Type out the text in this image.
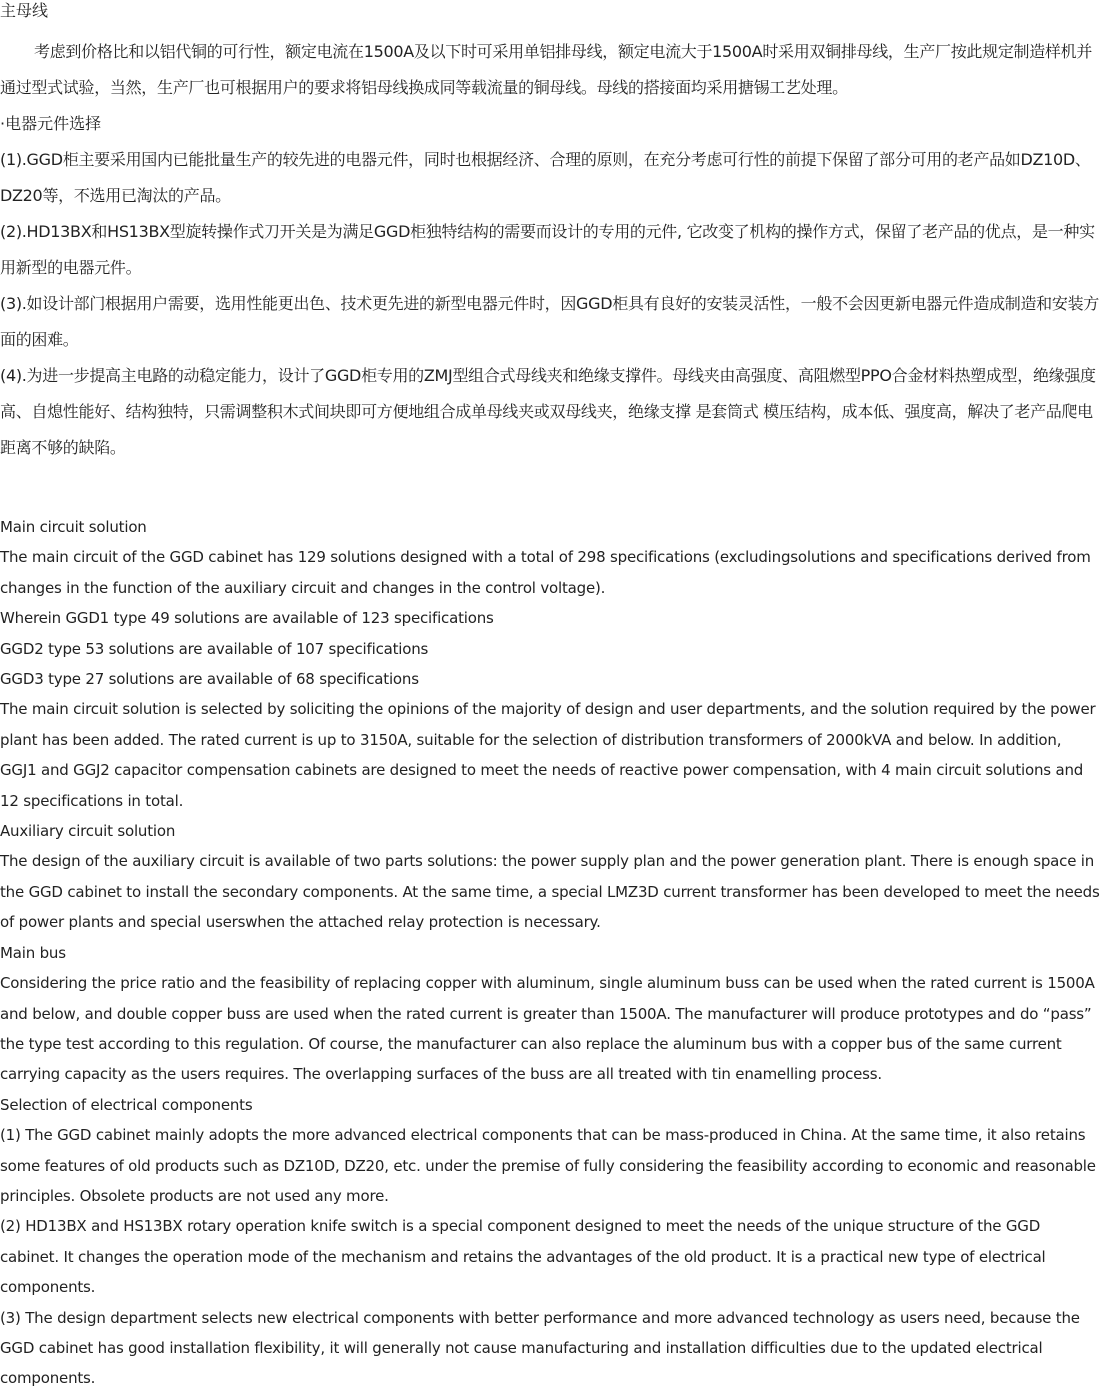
主母线

考虑到价格比和以铝代铜的可行性，额定电流在1500A及以下时可采用单铝排母线，额定电流大于1500A时采用双铜排母线，生产厂按此规定制造样机并通过型式试验，当然，生产厂也可根据用户的要求将铝母线换成同等载流量的铜母线。母线的搭接面均采用搪锡工艺处理。

·电器元件选择

(1).GGD柜主要采用国内已能批量生产的较先进的电器元件，同时也根据经济、合理的原则，在充分考虑可行性的前提下保留了部分可用的老产品如DZ10D、DZ20等，不选用已淘汰的产品。

(2).HD13BX和HS13BX型旋转操作式刀开关是为满足GGD柜独特结构的需要而设计的专用的元件, 它改变了机构的操作方式，保留了老产品的优点，是一种实用新型的电器元件。

(3).如设计部门根据用户需要，选用性能更出色、技术更先进的新型电器元件时，因GGD柜具有良好的安装灵活性，一般不会因更新电器元件造成制造和安装方面的困难。

(4).为进一步提高主电路的动稳定能力，设计了GGD柜专用的ZMJ型组合式母线夹和绝缘支撑件。母线夹由高强度、高阻燃型PPO合金材料热塑成型，绝缘强度高、自熄性能好、结构独特，只需调整积木式间块即可方便地组合成单母线夹或双母线夹，绝缘支撑 是套筒式 模压结构，成本低、强度高，解决了老产品爬电距离不够的缺陷。

Main circuit solution

The main circuit of the GGD cabinet has 129 solutions designed with a total of 298 specifications (excludingsolutions and specifications derived from changes in the function of the auxiliary circuit and changes in the control voltage).

Wherein GGD1 type 49 solutions are available of 123 specifications

GGD2 type 53 solutions are available of 107 specifications

GGD3 type 27 solutions are available of 68 specifications

The main circuit solution is selected by soliciting the opinions of the majority of design and user departments, and the solution required by the power plant has been added. The rated current is up to 3150A, suitable for the selection of distribution transformers of 2000kVA and below. In addition, GGJ1 and GGJ2 capacitor compensation cabinets are designed to meet the needs of reactive power compensation, with 4 main circuit solutions and 12 specifications in total.

Auxiliary circuit solution

The design of the auxiliary circuit is available of two parts solutions: the power supply plan and the power generation plant. There is enough space in the GGD cabinet to install the secondary components. At the same time, a special LMZ3D current transformer has been developed to meet the needs of power plants and special userswhen the attached relay protection is necessary.

Main bus

Considering the price ratio and the feasibility of replacing copper with aluminum, single aluminum buss can be used when the rated current is 1500A and below, and double copper buss are used when the rated current is greater than 1500A. The manufacturer will produce prototypes and do “pass” the type test according to this regulation. Of course, the manufacturer can also replace the aluminum bus with a copper bus of the same current carrying capacity as the users requires. The overlapping surfaces of the buss are all treated with tin enamelling process.

Selection of electrical components

(1) The GGD cabinet mainly adopts the more advanced electrical components that can be mass-produced in China. At the same time, it also retains some features of old products such as DZ10D, DZ20, etc. under the premise of fully considering the feasibility according to economic and reasonable principles. Obsolete products are not used any more.

(2) HD13BX and HS13BX rotary operation knife switch is a special component designed to meet the needs of the unique structure of the GGD cabinet. It changes the operation mode of the mechanism and retains the advantages of the old product. It is a practical new type of electrical components.

(3) The design department selects new electrical components with better performance and more advanced technology as users need, because the GGD cabinet has good installation flexibility, it will generally not cause manufacturing and installation difficulties due to the updated electrical components.
